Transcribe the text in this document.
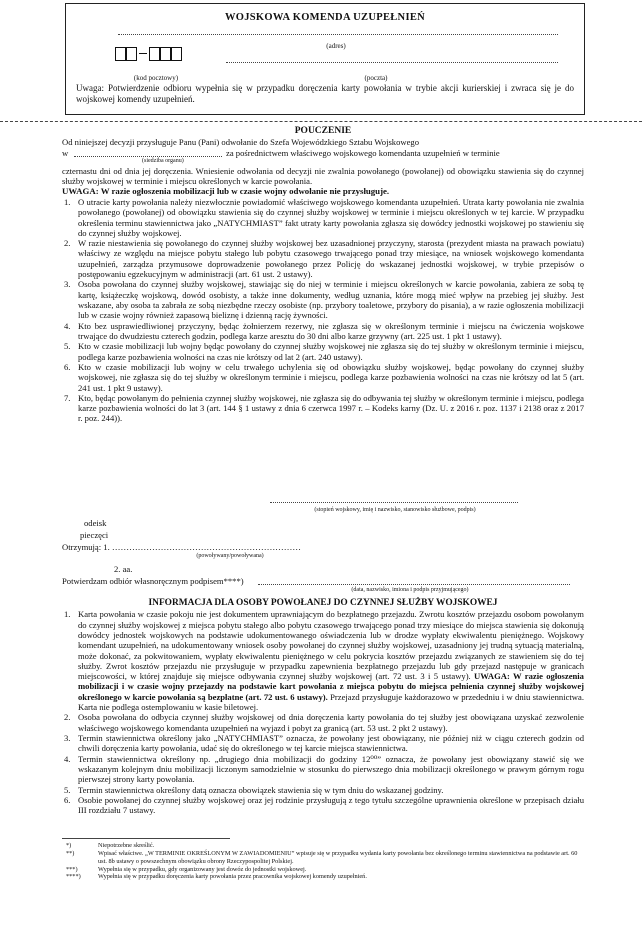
WOJSKOWA KOMENDA UZUPEŁNIEŃ
(adres)
(kod pocztowy)	(poczta)
Uwaga: Potwierdzenie odbioru wypełnia się w przypadku doręczenia karty powołania w trybie akcji kurierskiej i zwraca się je do wojskowej komendy uzupełnień.
POUCZENIE
Od niniejszej decyzji przysługuje Panu (Pani) odwołanie do Szefa Wojewódzkiego Sztabu Wojskowego
w	za pośrednictwem właściwego wojskowego komendanta uzupełnień w terminie
(siedziba organu)
czternastu dni od dnia jej doręczenia. Wniesienie odwołania od decyzji nie zwalnia powołanego (powołanej) od obowiązku stawienia się do czynnej służby wojskowej w terminie i miejscu określonych w karcie powołania.
UWAGA: W razie ogłoszenia mobilizacji lub w czasie wojny odwołanie nie przysługuje.
1. O utracie karty powołania należy niezwłocznie powiadomić właściwego wojskowego komendanta uzupełnień. Utrata karty powołania nie zwalnia powołanego (powołanej) od obowiązku stawienia się do czynnej służby wojskowej w terminie i miejscu określonych w tej karcie. W przypadku określenia terminu stawiennictwa jako „NATYCHMIAST” fakt utraty karty powołania zgłasza się dowódcy jednostki wojskowej po stawieniu się do czynnej służby wojskowej.
2. W razie niestawienia się powołanego do czynnej służby wojskowej bez uzasadnionej przyczyny, starosta (prezydent miasta na prawach powiatu) właściwy ze względu na miejsce pobytu stałego lub pobytu czasowego trwającego ponad trzy miesiące, na wniosek wojskowego komendanta uzupełnień, zarządza przymusowe doprowadzenie powołanego przez Policję do wskazanej jednostki wojskowej, w trybie przepisów o postępowaniu egzekucyjnym w administracji (art. 61 ust. 2 ustawy).
3. Osoba powołana do czynnej służby wojskowej, stawiając się do niej w terminie i miejscu określonych w karcie powołania, zabiera ze sobą tę kartę, książeczkę wojskową, dowód osobisty, a także inne dokumenty, według uznania, które mogą mieć wpływ na przebieg jej służby. Jest wskazane, aby osoba ta zabrała ze sobą niezbędne rzeczy osobiste (np. przybory toaletowe, przybory do pisania), a w razie ogłoszenia mobilizacji lub w czasie wojny również zapasową bieliznę i dzienną rację żywności.
4. Kto bez usprawiedliwionej przyczyny, będąc żołnierzem rezerwy, nie zgłasza się w określonym terminie i miejscu na ćwiczenia wojskowe trwające do dwudziestu czterech godzin, podlega karze aresztu do 30 dni albo karze grzywny (art. 225 ust. 1 pkt 1 ustawy).
5. Kto w czasie mobilizacji lub wojny będąc powołany do czynnej służby wojskowej nie zgłasza się do tej służby w określonym terminie i miejscu, podlega karze pozbawienia wolności na czas nie krótszy od lat 2 (art. 240 ustawy).
6. Kto w czasie mobilizacji lub wojny w celu trwałego uchylenia się od obowiązku służby wojskowej, będąc powołany do czynnej służby wojskowej, nie zgłasza się do tej służby w określonym terminie i miejscu, podlega karze pozbawienia wolności na czas nie krótszy od lat 5 (art. 241 ust. 1 pkt 9 ustawy).
7. Kto, będąc powołanym do pełnienia czynnej służby wojskowej, nie zgłasza się do odbywania tej służby w określonym terminie i miejscu, podlega karze pozbawienia wolności do lat 3 (art. 144 § 1 ustawy z dnia 6 czerwca 1997 r. – Kodeks karny (Dz. U. z 2016 r. poz. 1137 i 2138 oraz z 2017 r. poz. 244)).
(stopień wojskowy, imię i nazwisko, stanowisko służbowe, podpis)
odeisk
pieczęci
Otrzymują: 1. …………………………………………………………
(powoływany/powoływana)
2. aa.
Potwierdzam odbiór własnoręcznym podpisem****)
(data, nazwisko, imiona i podpis przyjmującego)
INFORMACJA DLA OSOBY POWOŁANEJ DO CZYNNEJ SŁUŻBY WOJSKOWEJ
1. Karta powołania w czasie pokoju nie jest dokumentem uprawniającym do bezpłatnego przejazdu. Zwrotu kosztów przejazdu osobom powołanym do czynnej służby wojskowej z miejsca pobytu stałego albo pobytu czasowego trwającego ponad trzy miesiące do miejsca stawienia się dokonują dowódcy jednostek wojskowych na podstawie udokumentowanego oświadczenia lub w drodze wypłaty ekwiwalentu pieniężnego. Wojskowy komendant uzupełnień, na udokumentowany wniosek osoby powołanej do czynnej służby wojskowej, uzasadniony jej trudną sytuacją materialną, może dokonać, za pokwitowaniem, wypłaty ekwiwalentu pieniężnego w celu pokrycia kosztów przejazdu związanych ze stawieniem się do tej służby. Zwrot kosztów przejazdu nie przysługuje w przypadku zapewnienia bezpłatnego przejazdu lub gdy przejazd następuje w granicach miejscowości, w której znajduje się miejsce odbywania czynnej służby wojskowej (art. 72 ust. 3 i 5 ustawy). UWAGA: W razie ogłoszenia mobilizacji i w czasie wojny przejazdy na podstawie kart powołania z miejsca pobytu do miejsca pełnienia czynnej służby wojskowej określonego w karcie powołania są bezpłatne (art. 72 ust. 6 ustawy). Przejazd przysługuje każdorazowo w przededniu i w dniu stawiennictwa. Karta nie podlega ostemplowaniu w kasie biletowej.
2. Osoba powołana do odbycia czynnej służby wojskowej od dnia doręczenia karty powołania do tej służby jest obowiązana uzyskać zezwolenie właściwego wojskowego komendanta uzupełnień na wyjazd i pobyt za granicą (art. 53 ust. 2 pkt 2 ustawy).
3. Termin stawiennictwa określony jako „NATYCHMIAST” oznacza, że powołany jest obowiązany, nie później niż w ciągu czterech godzin od chwili doręczenia karty powołania, udać się do określonego w tej karcie miejsca stawiennictwa.
4. Termin stawiennictwa określony np. „drugiego dnia mobilizacji do godziny 12⁰⁰” oznacza, że powołany jest obowiązany stawić się we wskazanym kolejnym dniu mobilizacji liczonym samodzielnie w stosunku do pierwszego dnia mobilizacji określonego w prawym górnym rogu pierwszej strony karty powołania.
5. Termin stawiennictwa określony datą oznacza obowiązek stawienia się w tym dniu do wskazanej godziny.
6. Osobie powołanej do czynnej służby wojskowej oraz jej rodzinie przysługują z tego tytułu szczególne uprawnienia określone w przepisach działu III rozdziału 7 ustawy.
*)	Niepotrzebne skreślić.
**)	Wpisać właściwe. „W TERMINIE OKREŚLONYM W ZAWIADOMIENIU” wpisuje się w przypadku wydania karty powołania bez określonego terminu stawiennictwa na podstawie art. 60 ust. 8b ustawy o powszechnym obowiązku obrony Rzeczypospolitej Polskiej.
***)	Wypełnia się w przypadku, gdy organizowany jest dowóz do jednostki wojskowej.
****)	Wypełnia się w przypadku doręczenia karty powołania przez pracownika wojskowej komendy uzupełnień.
